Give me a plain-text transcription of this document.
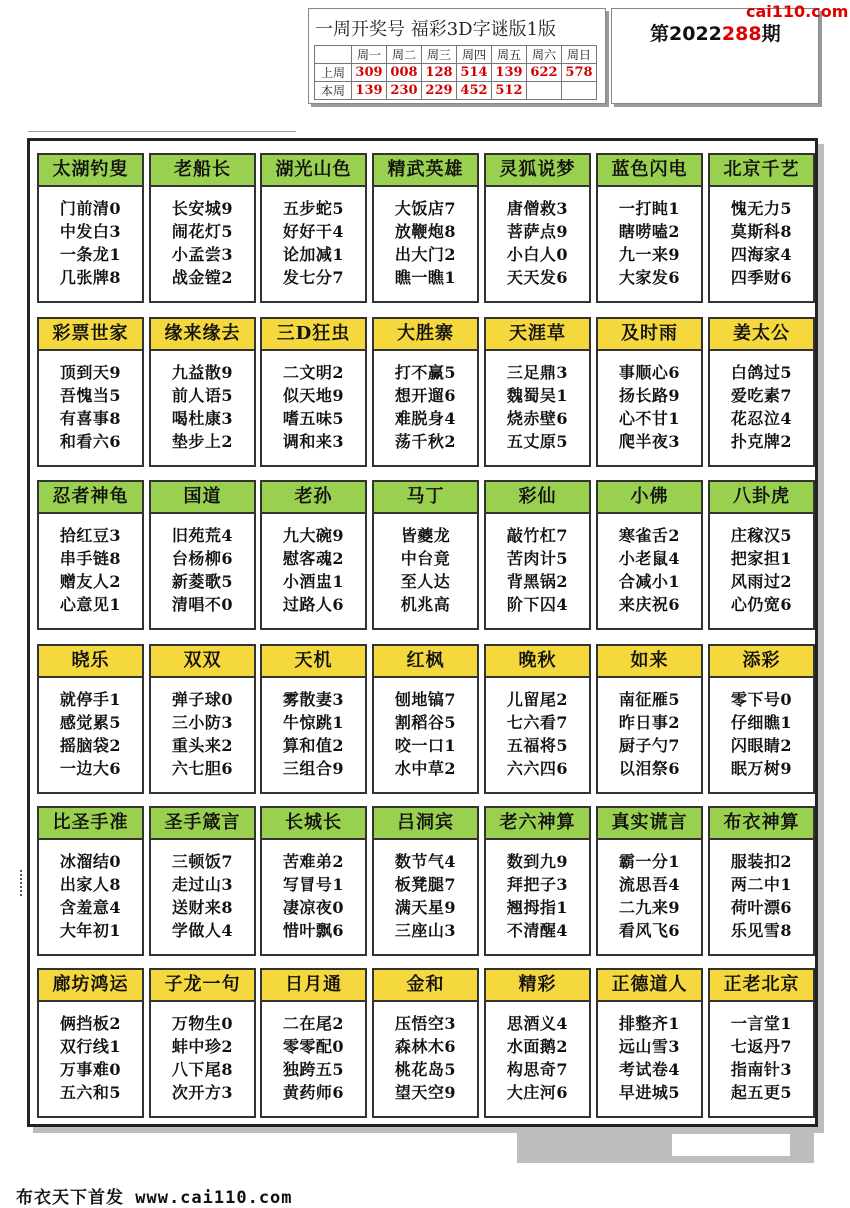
一周开奖号 福彩3D字谜版1版
	周一	周二	周三	周四	周五	周六	周日
上周	309	008	128	514	139	622	578
本周	139	230	229	452	512		
第2022288期
cai110.com
太湖钓叟
门前清0
中发白3
一条龙1
几张牌8
老船长
长安城9
闹花灯5
小孟尝3
战金镗2
湖光山色
五步蛇5
好好干4
论加减1
发七分7
精武英雄
大饭店7
放鞭炮8
出大门2
瞧一瞧1
灵狐说梦
唐僧救3
菩萨点9
小白人0
天天发6
蓝色闪电
一打盹1
瞎唠嗑2
九一来9
大家发6
北京千艺
愧无力5
莫斯科8
四海家4
四季财6
彩票世家
顶到天9
吾愧当5
有喜事8
和看六6
缘来缘去
九益散9
前人语5
喝杜康3
垫步上2
三D狂虫
二文明2
似天地9
嗜五味5
调和来3
大胜寨
打不赢5
想开遛6
难脱身4
荡千秋2
天涯草
三足鼎3
魏蜀吴1
烧赤壁6
五丈原5
及时雨
事顺心6
扬长路9
心不甘1
爬半夜3
姜太公
白鸽过5
爱吃素7
花忍泣4
扑克牌2
忍者神龟
拾红豆3
串手链8
赠友人2
心意见1
国道
旧苑荒4
台杨柳6
新菱歌5
清唱不0
老孙
九大碗9
慰客魂2
小酒盅1
过路人6
马丁
皆夔龙
中台竟
至人达
机兆高
彩仙
敲竹杠7
苦肉计5
背黑锅2
阶下囚4
小佛
寒雀舌2
小老鼠4
合减小1
来庆祝6
八卦虎
庄稼汉5
把家担1
风雨过2
心仍宽6
晓乐
就停手1
感觉累5
摇脑袋2
一边大6
双双
弹子球0
三小防3
重头来2
六七胆6
天机
雾散妻3
牛惊跳1
算和值2
三组合9
红枫
刨地镐7
割稻谷5
咬一口1
水中草2
晚秋
儿留尾2
七六看7
五福将5
六六四6
如来
南征雁5
昨日事2
厨子勺7
以泪祭6
添彩
零下号0
仔细瞧1
闪眼睛2
眠万树9
比圣手准
冰溜结0
出家人8
含羞意4
大年初1
圣手箴言
三顿饭7
走过山3
送财来8
学做人4
长城长
苦难弟2
写冒号1
凄凉夜0
惜叶飘6
吕洞宾
数节气4
板凳腿7
满天星9
三座山3
老六神算
数到九9
拜把子3
翘拇指1
不清醒4
真实谎言
霸一分1
流思吾4
二九来9
看风飞6
布衣神算
服装扣2
两二中1
荷叶漂6
乐见雪8
廊坊鸿运
俩挡板2
双行线1
万事难0
五六和5
子龙一句
万物生0
蚌中珍2
八下尾8
次开方3
日月通
二在尾2
零零配0
独跨五5
黄药师6
金和
压悟空3
森林木6
桃花岛5
望天空9
精彩
思酒义4
水面鹅2
构思奇7
大庄河6
正德道人
排整齐1
远山雪3
考试卷4
早进城5
正老北京
一言堂1
七返丹7
指南针3
起五更5
布衣天下首发 www.cai110.com
